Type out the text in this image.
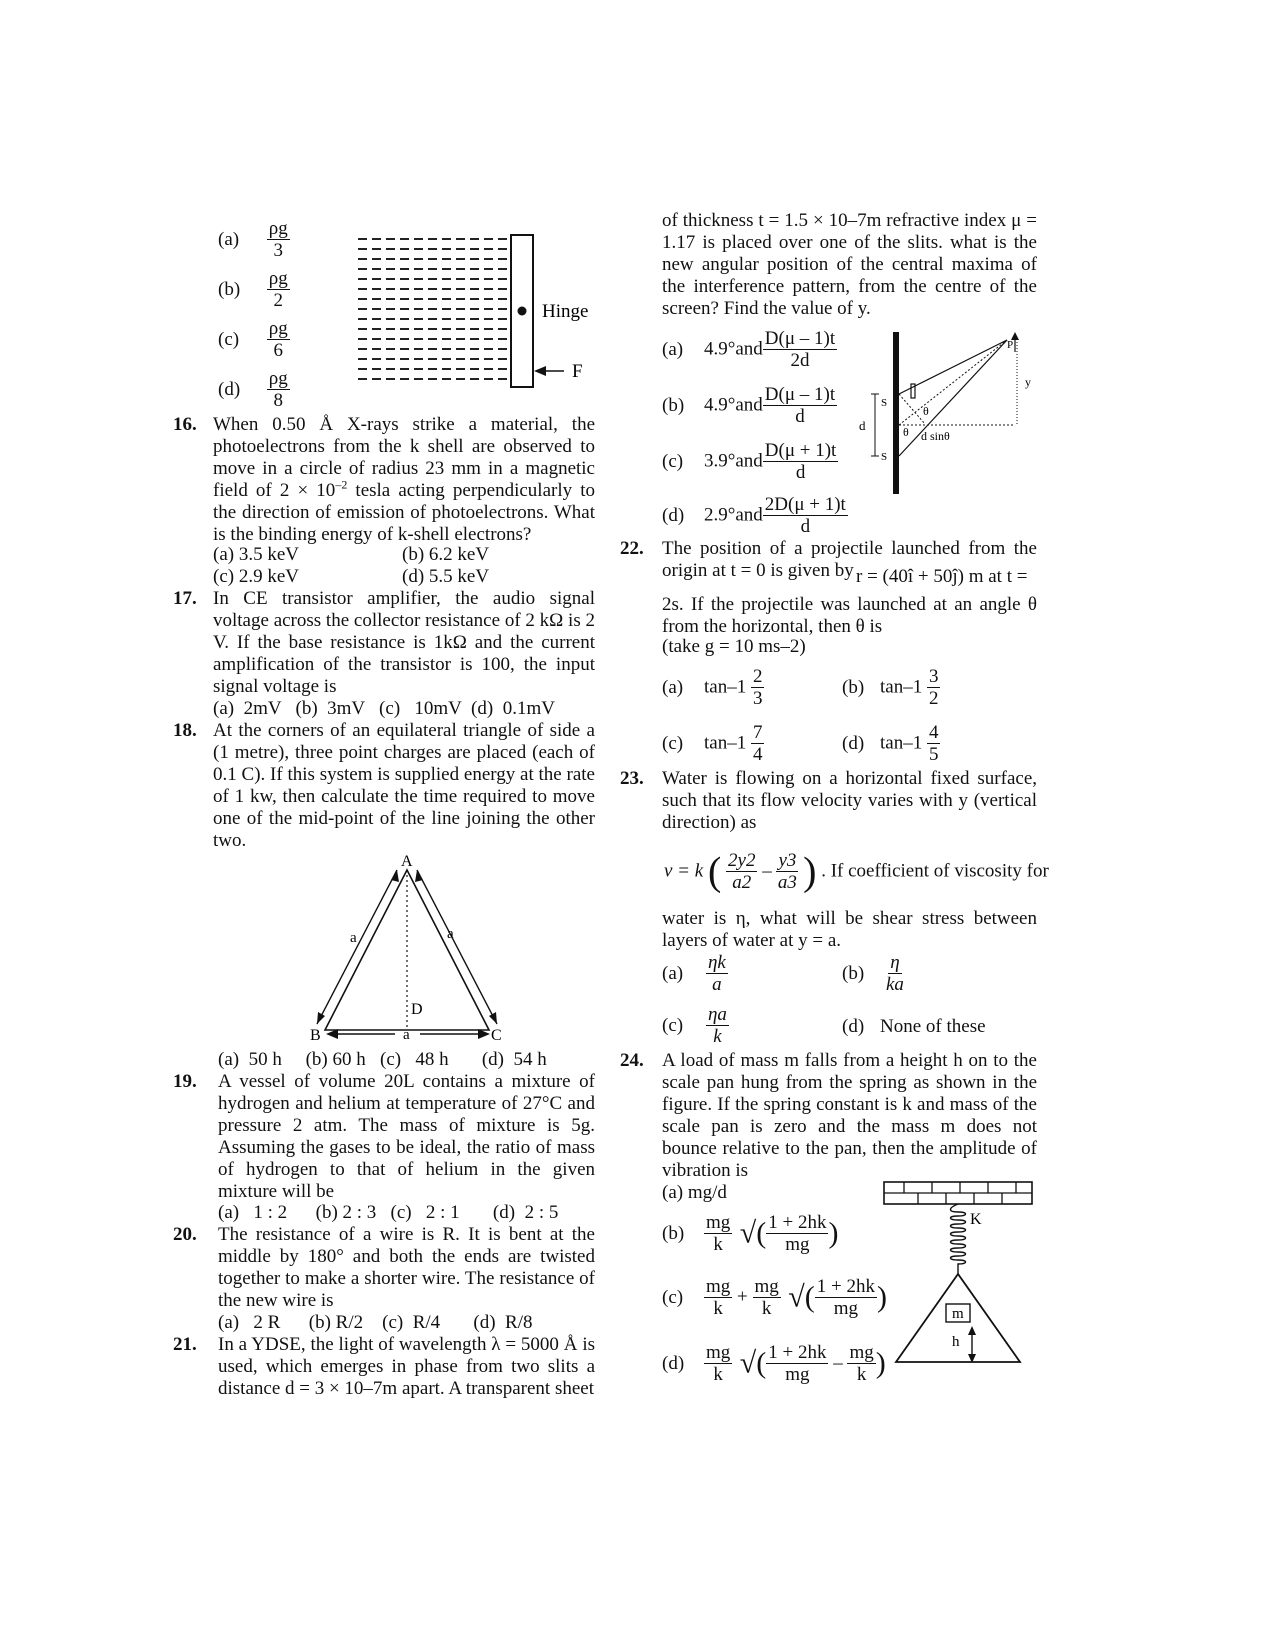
$(a) \frac{\rho g}{3}$
$(b) \frac{\rho g}{2}$
$(c) \frac{\rho g}{6}$
$(d) \frac{\rho g}{8}$
Hinge
F
16. When 0.50 Å X-rays strike a material, the photoelectrons from the k shell are observed to move in a circle of radius 23 mm in a magnetic field of $2 \times 10^{-2}$ tesla acting perpendicularly to the direction of emission of photoelectrons. What is the binding energy of k-shell electrons?
(a) 3.5 keV	(b) 6.2 keV
(c) 2.9 keV	(d) 5.5 keV
17. In CE transistor amplifier, the audio signal voltage across the collector resistance of 2 kΩ is 2 V. If the base resistance is 1kΩ and the current amplification of the transistor is 100, the input signal voltage is
(a)  2mV   (b)  3mV   (c)   10mV  (d)  0.1mV
18. At the corners of an equilateral triangle of side a (1 metre), three point charges are placed (each of 0.1 C). If this system is supplied energy at the rate of 1 kw, then calculate the time required to move one of the mid-point of the line joining the other two.
A
B	C
D
a	a
a
(a)  50 h     (b) 60 h   (c)   48 h       (d)  54 h
19. A vessel of volume 20L contains a mixture of hydrogen and helium at temperature of 27°C and pressure 2 atm. The mass of mixture is 5g. Assuming the gases to be ideal, the ratio of mass of hydrogen to that of helium in the given mixture will be
(a)   1 : 2      (b) 2 : 3   (c)   2 : 1       (d)  2 : 5
20. The resistance of a wire is R. It is bent at the middle by 180° and both the ends are twisted together to make a shorter wire. The resistance of the new wire is
(a)   2 R      (b) R/2    (c)  R/4       (d)  R/8
21. In a YDSE, the light of wavelength λ = 5000 Å is used, which emerges in phase from two slits a distance d = 3 × 10–7m apart. A transparent sheet
of thickness t = 1.5 × 10–7m refractive index μ = 1.17 is placed over one of the slits. what is the new angular position of the central maxima of the interference pattern, from the centre of the screen? Find the value of y.
(a) $4.9^\circ and \frac{D(\mu - 1)t}{2d}$
(b) $4.9^\circ and \frac{D(\mu - 1)t}{d}$
(c) $3.9^\circ and \frac{D(\mu + 1)t}{d}$
(d) $2.9^\circ and \frac{2D(\mu + 1)t}{d}$
d
S
S
θ
θ d sinθ
P
y
22. The position of a projectile launched from the origin at t = 0 is given by r = (40î + 50ĵ) m at t =
2s. If the projectile was launched at an angle θ from the horizontal, then θ is
(take g = 10 ms–2)
(a) $\tan-1 \frac{2}{3}$	(b) $\tan-1 \frac{3}{2}$
(c) $\tan-1 \frac{7}{4}$	(d) $\tan-1 \frac{4}{5}$
23. Water is flowing on a horizontal fixed surface, such that its flow velocity varies with y (vertical direction) as
v = k ( $\frac{2y2}{a2} - \frac{y3}{a3}$ ) . If coefficient of viscosity for
water is η, what will be shear stress between layers of water at y = a.
$(a) \frac{\eta k}{a}$	$(b) \frac{\eta}{ka}$
$(c) \frac{\eta a}{k}$	(d) None of these
24. A load of mass m falls from a height h on to the scale pan hung from the spring as shown in the figure. If the spring constant is k and mass of the scale pan is zero and the mass m does not bounce relative to the pan, then the amplitude of vibration is
(a) mg/d
$(b) \frac{mg}{k}$ √( $\frac{1 + 2hk}{mg}$ )
$(c) \frac{mg}{k} + \frac{mg}{k}$ √( $\frac{1 + 2hk}{mg}$ )
$(d) \frac{mg}{k}$ √( $\frac{1 + 2hk}{mg} - \frac{mg}{k}$ )
K
m
h
